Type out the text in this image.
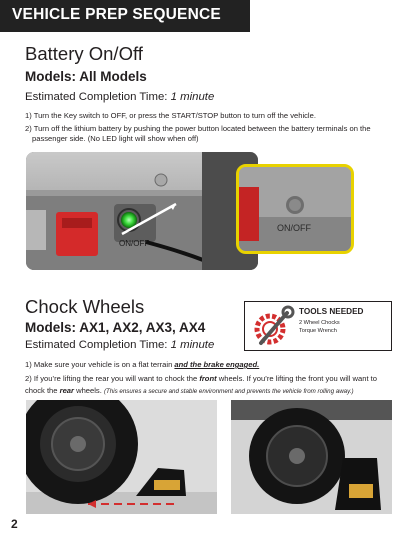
VEHICLE PREP SEQUENCE
Battery On/Off
Models: All Models
Estimated Completion Time: 1 minute
1) Turn the Key switch to OFF, or press the START/STOP button to turn off the vehicle.
2) Turn off the lithium battery by pushing the power button located between the battery terminals on the
passenger side. (No LED light will show when off)
ON/OFF
ON/OFF
Chock Wheels
Models: AX1, AX2, AX3, AX4
Estimated Completion Time: 1 minute
TOOLS NEEDED
2 Wheel Chocks
Torque Wrench
1) Make sure your vehicle is on a flat terrain and the brake engaged.
2) If you’re lifting the rear you will want to chock the front wheels. If you’re lifting the front you will want to
chock the rear wheels. (This ensures a secure and stable environment and prevents the vehicle from rolling away.)
2
